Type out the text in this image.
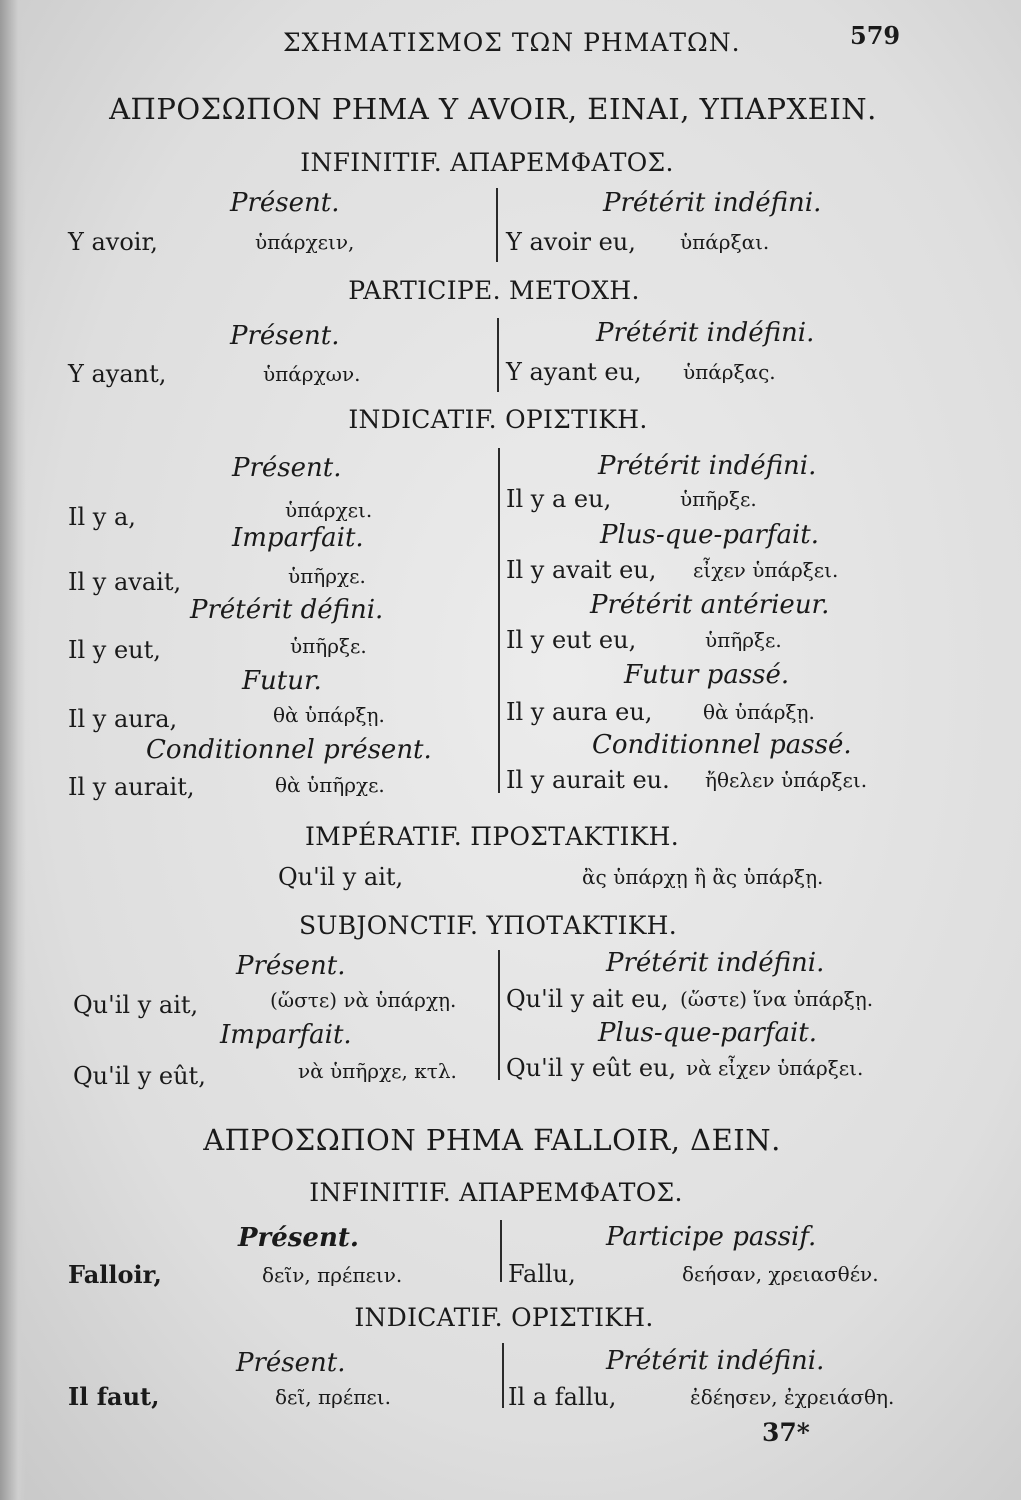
ΣΧΗΜΑΤΙΣΜΟΣ ΤΩΝ ΡΗΜΑΤΩΝ.	579
ΑΠΡΟΣΩΠΟΝ ΡΗΜΑ Y AVOIR, ΕΙΝΑΙ, ΥΠΑΡΧΕΙΝ.
INFINITIF. ΑΠΑΡΕΜΦΑΤΟΣ.
Présent.
Y avoir,	ὑπάρχειν,
Prétérit indéfini.
Y avoir eu, ὑπάρξαι.
PARTICIPE. ΜΕΤΟΧΗ.
Présent.
Y ayant,	ὑπάρχων.
Prétérit indéfini.
Y ayant eu, ὑπάρξας.
INDICATIF. ΟΡΙΣΤΙΚΗ.
Présent.
Il y a,	ὑπάρχει.
Imparfait.
Il y avait,	ὑπῆρχε.
Prétérit défini.
Il y eut,	ὑπῆρξε.
Futur.
Il y aura,	θὰ ὑπάρξῃ.
Conditionnel présent.
Il y aurait,	θὰ ὑπῆρχε.
Prétérit indéfini.
Il y a eu,	ὑπῆρξε.
Plus-que-parfait.
Il y avait eu, εἶχεν ὑπάρξει.
Prétérit antérieur.
Il y eut eu,	ὑπῆρξε.
Futur passé.
Il y aura eu,	θὰ ὑπάρξῃ.
Conditionnel passé.
Il y aurait eu. ἤθελεν ὑπάρξει.
IMPÉRATIF. ΠΡΟΣΤΑΚΤΙΚΗ.
Qu'il y ait,	ἂς ὑπάρχῃ ἢ ἂς ὑπάρξῃ.
SUBJONCTIF. ΥΠΟΤΑΚΤΙΚΗ.
Présent.
Qu'il y ait,	(ὥστε) νὰ ὑπάρχῃ.
Imparfait.
Qu'il y eût,	νὰ ὑπῆρχε, κτλ.
Prétérit indéfini.
Qu'il y ait eu, (ὥστε) ἵνα ὑπάρξῃ.
Plus-que-parfait.
Qu'il y eût eu, νὰ εἶχεν ὑπάρξει.
ΑΠΡΟΣΩΠΟΝ ΡΗΜΑ FALLOIR, ΔΕΙΝ.
INFINITIF. ΑΠΑΡΕΜΦΑΤΟΣ.
Présent.
Falloir,	δεῖν, πρέπειν.
Participe passif.
Fallu,	δεήσαν, χρειασθέν.
INDICATIF. ΟΡΙΣΤΙΚΗ.
Présent.
Il faut,	δεῖ, πρέπει.
Prétérit indéfini.
Il a fallu,	ἐδέησεν, ἐχρειάσθη.
37*
